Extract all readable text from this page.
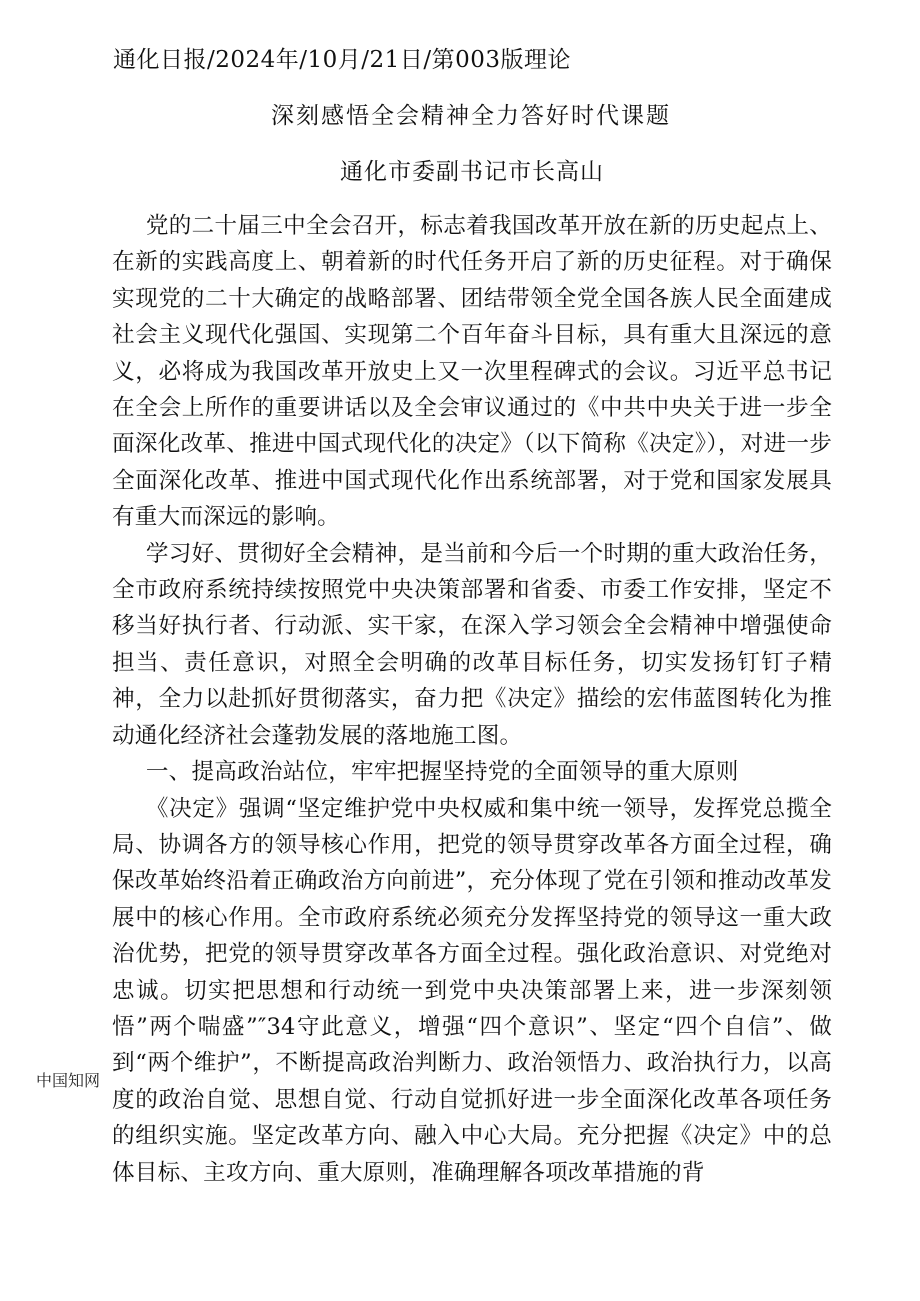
通化日报/2024年/10月/21日/第003版理论
深刻感悟全会精神全力答好时代课题
通化市委副书记市长高山

党的二十届三中全会召开，标志着我国改革开放在新的历史起点上、在新的实践高度上、朝着新的时代任务开启了新的历史征程。对于确保实现党的二十大确定的战略部署、团结带领全党全国各族人民全面建成社会主义现代化强国、实现第二个百年奋斗目标，具有重大且深远的意义，必将成为我国改革开放史上又一次里程碑式的会议。习近平总书记在全会上所作的重要讲话以及全会审议通过的《中共中央关于进一步全面深化改革、推进中国式现代化的决定》（以下简称《决定》），对进一步全面深化改革、推进中国式现代化作出系统部署，对于党和国家发展具有重大而深远的影响。

学习好、贯彻好全会精神，是当前和今后一个时期的重大政治任务，全市政府系统持续按照党中央决策部署和省委、市委工作安排，坚定不移当好执行者、行动派、实干家，在深入学习领会全会精神中增强使命担当、责任意识，对照全会明确的改革目标任务，切实发扬钉钉子精神，全力以赴抓好贯彻落实，奋力把《决定》描绘的宏伟蓝图转化为推动通化经济社会蓬勃发展的落地施工图。

一、提高政治站位，牢牢把握坚持党的全面领导的重大原则

《决定》强调“坚定维护党中央权威和集中统一领导，发挥党总揽全局、协调各方的领导核心作用，把党的领导贯穿改革各方面全过程，确保改革始终沿着正确政治方向前进”，充分体现了党在引领和推动改革发展中的核心作用。全市政府系统必须充分发挥坚持党的领导这一重大政治优势，把党的领导贯穿改革各方面全过程。强化政治意识、对党绝对忠诚。切实把思想和行动统一到党中央决策部署上来，进一步深刻领悟”两个喘盛”″34守此意义，增强“四个意识”、坚定“四个自信”、做到“两个维护”，不断提高政治判断力、政治领悟力、政治执行力，以高度的政治自觉、思想自觉、行动自觉抓好进一步全面深化改革各项任务的组织实施。坚定改革方向、融入中心大局。充分把握《决定》中的总体目标、主攻方向、重大原则，准确理解各项改革措施的背

中国知网
